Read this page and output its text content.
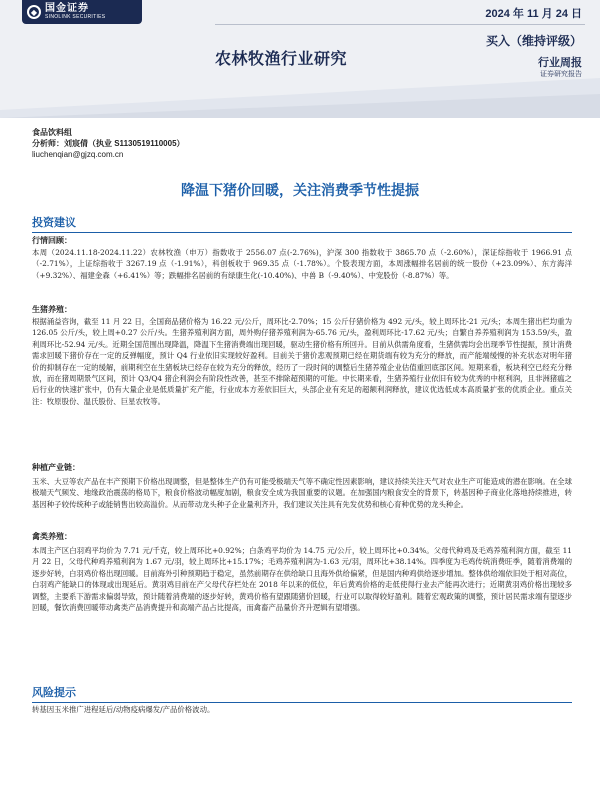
◆ 国金证券
SINOLINK SECURITIES	2024 年 11 月 24 日
农林牧渔行业研究
买入（维持评级）
行业周报
证券研究报告
食品饮料组
分析师：刘宸倩（执业 S1130519110005）
liuchenqian@gjzq.com.cn
降温下猪价回暖，关注消费季节性提振

投资建议

行情回顾：

本周（2024.11.18-2024.11.22）农林牧渔（申万）指数收于 2556.07 点(-2.76%)，沪深 300 指数收于 3865.70 点（-2.60%），深证综指收于 1966.91 点（-2.71%），上证综指收于 3267.19 点（-1.91%），科创板收于 969.35 点（-1.78%）。个股表现方面，本周涨幅排名居前的统一股份（+23.09%）、东方海洋（+9.32%）、福建金森（+6.41%）等；跌幅排名居前的有绿康生化(-10.40%)、中兽 B（-9.40%）、中宠股份（-8.87%）等。

生猪养殖：

根据涌益咨询，截至 11 月 22 日，全国商品猪价格为 16.22 元/公斤，周环比-2.70%；15 公斤仔猪价格为 492 元/头，较上周环比-21 元/头；本周生猪出栏均重为 126.05 公斤/头，较上周+0.27 公斤/头。生猪养殖利润方面，周外购仔猪养殖利润为-65.76 元/头，盈利周环比-17.62 元/头；自繁自养养殖利润为 153.59/头，盈利周环比-52.94 元/头。近期全国范围出现降温，降温下生猪消费端出现回暖，驱动生猪价格有所回升。目前从供需角度看，生猪供需均会出现季节性提振，预计消费需求回暖下猪价存在一定的反弹幅度，预计 Q4 行业依旧实现较好盈利。目前关于猪价悲观预期已经在期货端有较为充分的释放，而产能端缓慢的补充状态对明年猪价的抑制存在一定的缓解，前期利空在生猪板块已经存在较为充分的释放，经历了一段时间的调整后生猪养殖企业估值重回底部区间。短期来看，板块利空已经充分释放，而在猪周期景气区间，预计 Q3/Q4 猪企利润会有阶段性改善，甚至不排除超预期的可能。中长期来看，生猪养殖行业依旧有较为优秀的中枢利润，且非洲猪瘟之后行业的快速扩张中，仍有大量企业是低质量扩充产能，行业成本方差依旧巨大，头部企业有充足的超额利润释放，建议优选低成本高质量扩张的优质企业。重点关注：牧原股份、温氏股份、巨星农牧等。

种植产业链：

玉米、大豆等农产品在丰产预期下价格出现调整，但是整体生产仍有可能受极端天气等不确定性因素影响，建议持续关注天气对农业生产可能造成的潜在影响。在全球极端天气频发、地缘政治震荡的格局下，粮食价格波动幅度加剧，粮食安全成为我国重要的议题。在加强国内粮食安全的背景下，转基因种子商业化落地持续推进，转基因种子较传统种子或能销售出较高溢价。从而带动龙头种子企业量利齐升，我们建议关注具有先发优势和核心育种优势的龙头种企。

禽类养殖：

本周主产区白羽鸡平均价为 7.71 元/千克，较上周环比+0.92%；白条鸡平均价为 14.75 元/公斤，较上周环比+0.34%。父母代种鸡及毛鸡养殖利润方面，截至 11 月 22 日，父母代种鸡养殖利润为 1.67 元/羽，较上周环比+15.17%；毛鸡养殖利润为-1.63 元/羽，周环比+38.14%。四季度为毛鸡传统消费旺季，随着消费端的逐步好转，白羽鸡价格出现回暖。目前海外引种预期趋于稳定，虽然前期存在供给缺口且海外供给偏紧，但是国内种鸡供给逐步增加。整体供给端依旧处于相对高位，白羽鸡产能缺口的体现或出现延后。黄羽鸡目前在产父母代存栏处在 2018 年以来的低位，年后黄鸡价格的走低使得行业去产能再次进行；近期黄羽鸡价格出现较多调整，主要系下游需求偏弱导致，预计随着消费端的逐步好转，黄鸡价格有望跟随猪价回暖，行业可以取得较好盈利。随着宏观政策的调整，预计居民需求端有望逐步回暖，餐饮消费回暖带动禽类产品消费提升和高端产品占比提高，而禽畜产品量价齐升逻辑有望增强。

风险提示

转基因玉米推广进程延后/动物疫病爆发/产品价格波动。
